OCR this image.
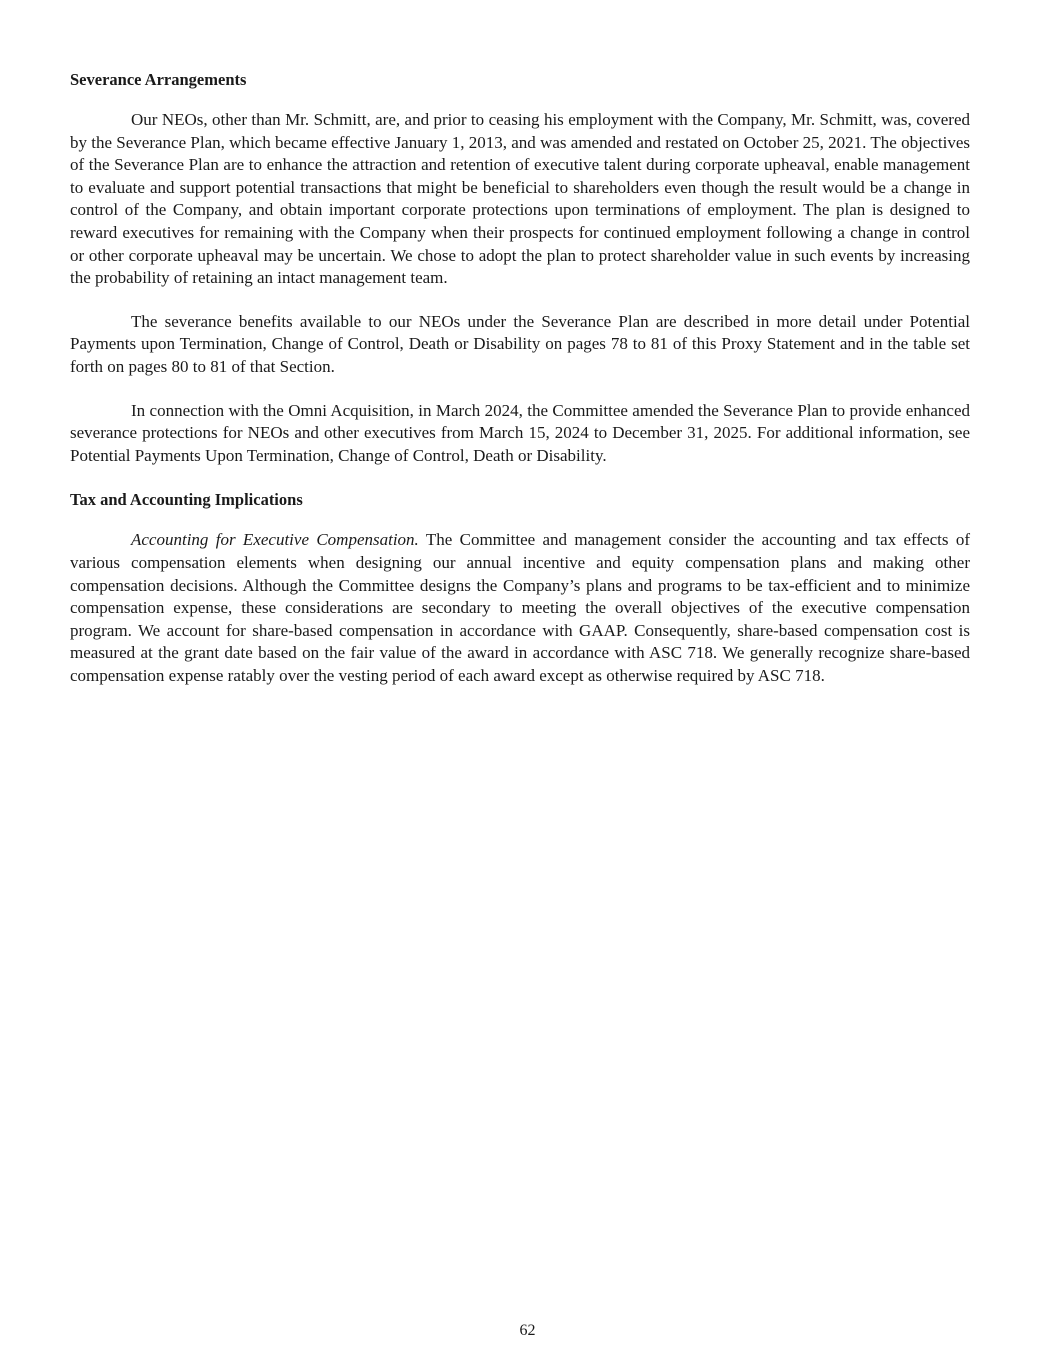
Severance Arrangements

Our NEOs, other than Mr. Schmitt, are, and prior to ceasing his employment with the Company, Mr. Schmitt, was, covered by the Severance Plan, which became effective January 1, 2013, and was amended and restated on October 25, 2021. The objectives of the Severance Plan are to enhance the attraction and retention of executive talent during corporate upheaval, enable management to evaluate and support potential transactions that might be beneficial to shareholders even though the result would be a change in control of the Company, and obtain important corporate protections upon terminations of employment. The plan is designed to reward executives for remaining with the Company when their prospects for continued employment following a change in control or other corporate upheaval may be uncertain. We chose to adopt the plan to protect shareholder value in such events by increasing the probability of retaining an intact management team.

The severance benefits available to our NEOs under the Severance Plan are described in more detail under Potential Payments upon Termination, Change of Control, Death or Disability on pages 78 to 81 of this Proxy Statement and in the table set forth on pages 80 to 81 of that Section.

In connection with the Omni Acquisition, in March 2024, the Committee amended the Severance Plan to provide enhanced severance protections for NEOs and other executives from March 15, 2024 to December 31, 2025. For additional information, see Potential Payments Upon Termination, Change of Control, Death or Disability.

Tax and Accounting Implications

Accounting for Executive Compensation. The Committee and management consider the accounting and tax effects of various compensation elements when designing our annual incentive and equity compensation plans and making other compensation decisions. Although the Committee designs the Company’s plans and programs to be tax-efficient and to minimize compensation expense, these considerations are secondary to meeting the overall objectives of the executive compensation program. We account for share-based compensation in accordance with GAAP. Consequently, share-based compensation cost is measured at the grant date based on the fair value of the award in accordance with ASC 718. We generally recognize share-based compensation expense ratably over the vesting period of each award except as otherwise required by ASC 718.

62
